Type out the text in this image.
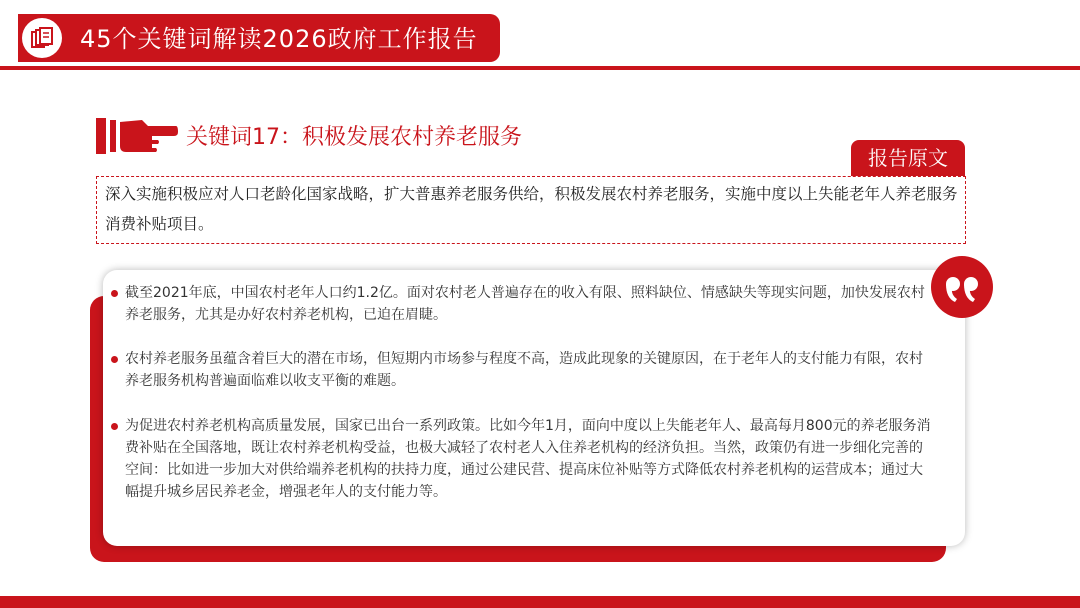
45个关键词解读2026政府工作报告
关键词17：积极发展农村养老服务
报告原文
深入实施积极应对人口老龄化国家战略，扩大普惠养老服务供给，积极发展农村养老服务，实施中度以上失能老年人养老服务消费补贴项目。
截至2021年底，中国农村老年人口约1.2亿。面对农村老人普遍存在的收入有限、照料缺位、情感缺失等现实问题，加快发展农村养老服务，尤其是办好农村养老机构，已迫在眉睫。
农村养老服务虽蕴含着巨大的潜在市场，但短期内市场参与程度不高，造成此现象的关键原因，在于老年人的支付能力有限，农村养老服务机构普遍面临难以收支平衡的难题。
为促进农村养老机构高质量发展，国家已出台一系列政策。比如今年1月，面向中度以上失能老年人、最高每月800元的养老服务消费补贴在全国落地，既让农村养老机构受益，也极大减轻了农村老人入住养老机构的经济负担。当然，政策仍有进一步细化完善的空间：比如进一步加大对供给端养老机构的扶持力度，通过公建民营、提高床位补贴等方式降低农村养老机构的运营成本；通过大幅提升城乡居民养老金，增强老年人的支付能力等。
